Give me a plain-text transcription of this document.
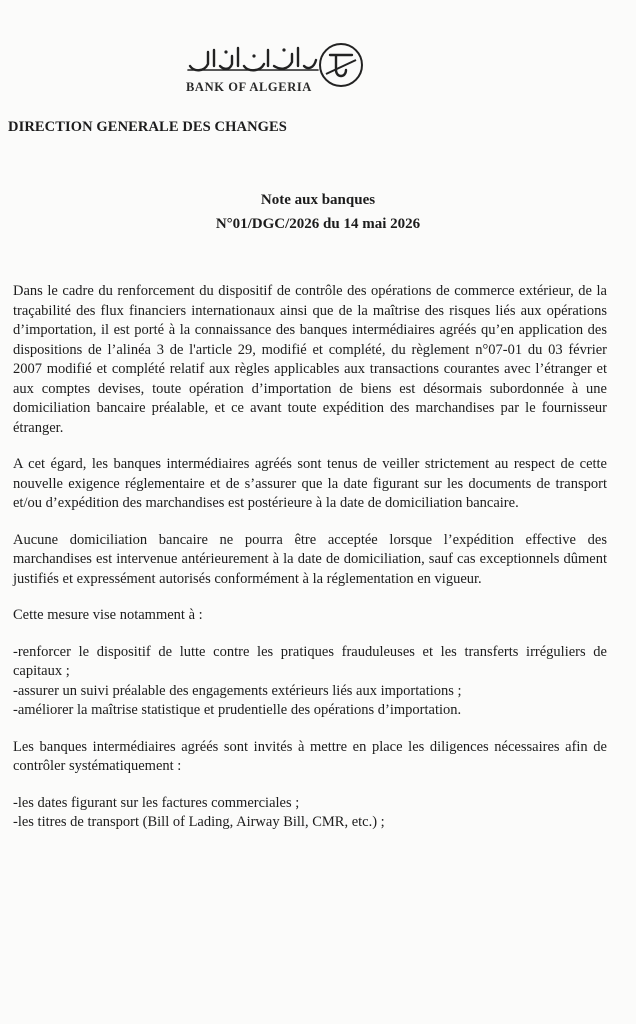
BANK OF ALGERIA
DIRECTION GENERALE DES CHANGES
Note aux banques
N°01/DGC/2026 du 14 mai 2026

Dans le cadre du renforcement du dispositif de contrôle des opérations de commerce extérieur, de la traçabilité des flux financiers internationaux ainsi que de la maîtrise des risques liés aux opérations d’importation, il est porté à la connaissance des banques intermédiaires agréés qu’en application des dispositions de l’alinéa 3 de l'article 29, modifié et complété, du règlement n°07-01 du 03 février 2007 modifié et complété relatif aux règles applicables aux transactions courantes avec l’étranger et aux comptes devises, toute opération d’importation de biens est désormais subordonnée à une domiciliation bancaire préalable, et ce avant toute expédition des marchandises par le fournisseur étranger.

A cet égard, les banques intermédiaires agréés sont tenus de veiller strictement au respect de cette nouvelle exigence réglementaire et de s’assurer que la date figurant sur les documents de transport et/ou d’expédition des marchandises est postérieure à la date de domiciliation bancaire.

Aucune domiciliation bancaire ne pourra être acceptée lorsque l’expédition effective des marchandises est intervenue antérieurement à la date de domiciliation, sauf cas exceptionnels dûment justifiés et expressément autorisés conformément à la réglementation en vigueur.

Cette mesure vise notamment à :

-renforcer le dispositif de lutte contre les pratiques frauduleuses et les transferts irréguliers de capitaux ;

-assurer un suivi préalable des engagements extérieurs liés aux importations ;

-améliorer la maîtrise statistique et prudentielle des opérations d’importation.

Les banques intermédiaires agréés sont invités à mettre en place les diligences nécessaires afin de contrôler systématiquement :

-les dates figurant sur les factures commerciales ;

-les titres de transport (Bill of Lading, Airway Bill, CMR, etc.) ;
